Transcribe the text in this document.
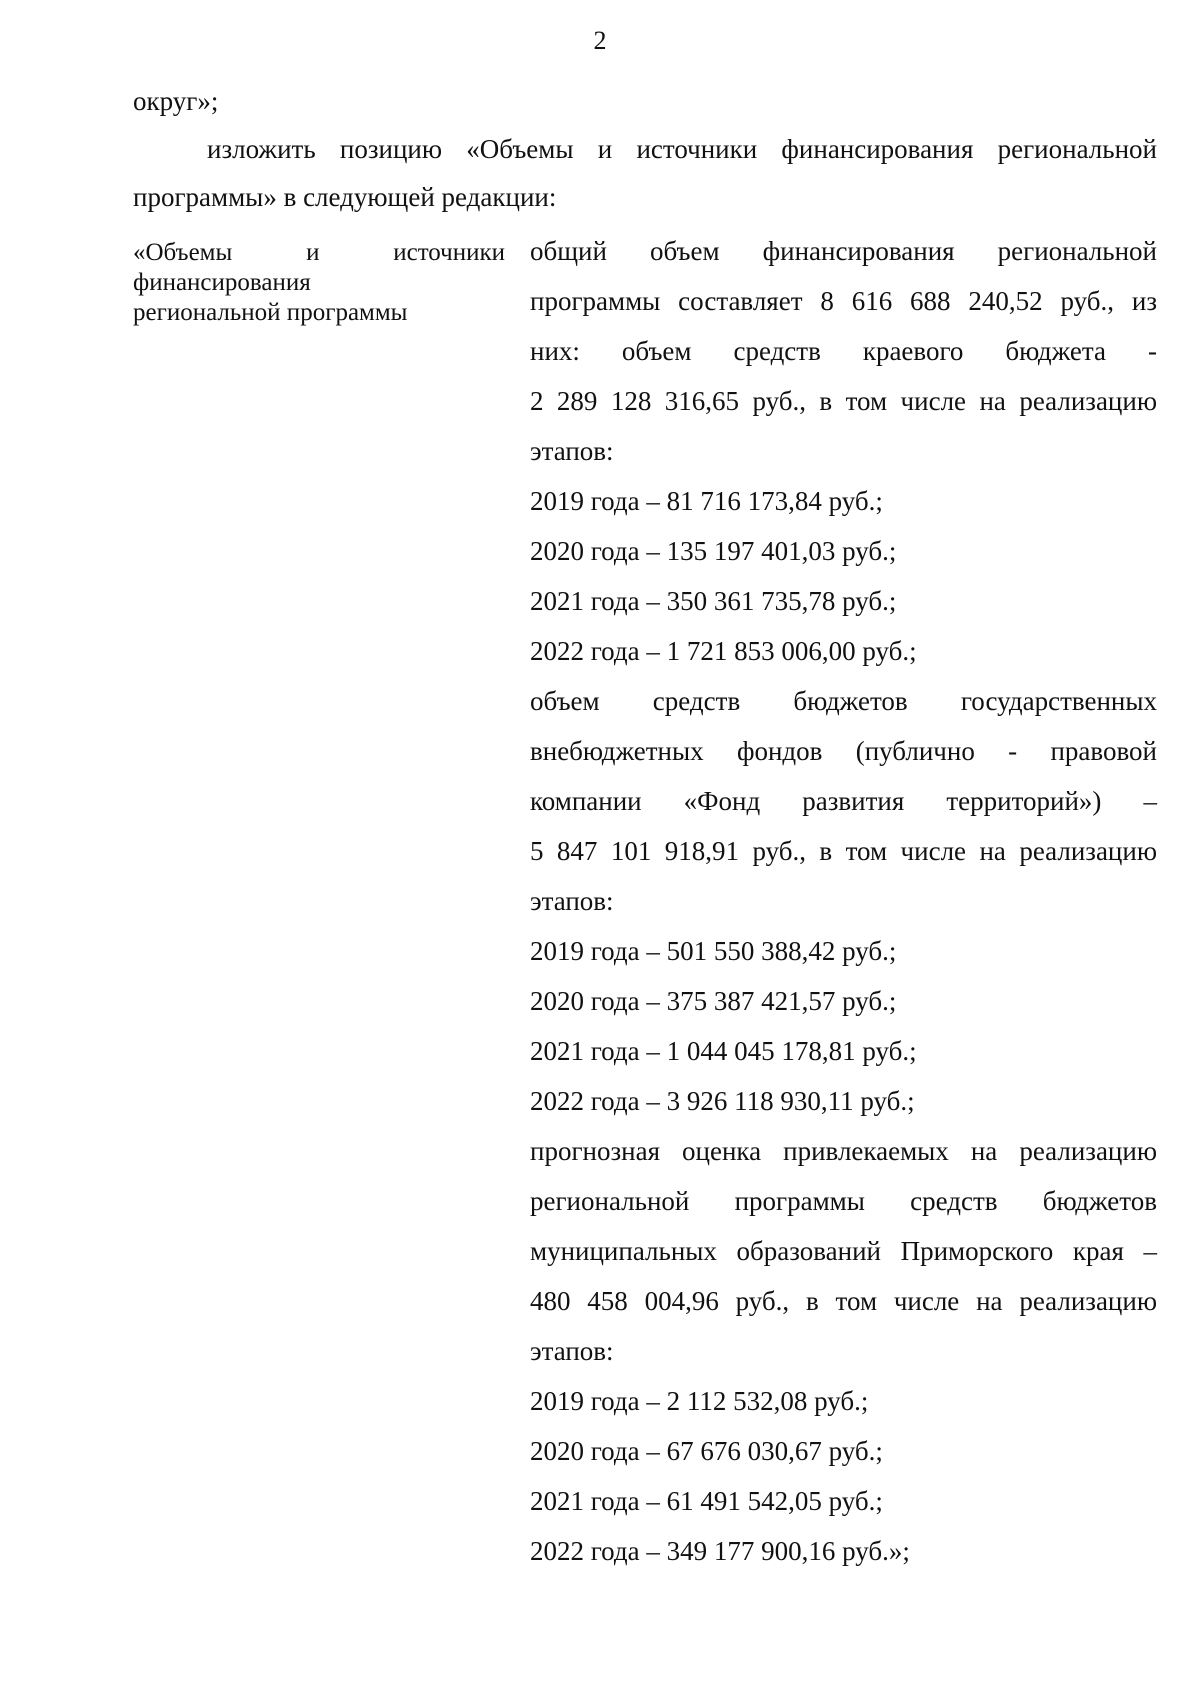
2
округ»;
изложить позицию «Объемы и источники финансирования региональной
программы» в следующей редакции:
«Объемы и источники
финансирования
региональной программы
общий объем финансирования региональной
программы составляет 8 616 688 240,52 руб., из
них: объем средств краевого бюджета -
2 289 128 316,65 руб., в том числе на реализацию
этапов:
2019 года – 81 716 173,84 руб.;
2020 года – 135 197 401,03 руб.;
2021 года – 350 361 735,78 руб.;
2022 года – 1 721 853 006,00 руб.;
объем средств бюджетов государственных
внебюджетных фондов (публично - правовой
компании «Фонд развития территорий») –
5 847 101 918,91 руб., в том числе на реализацию
этапов:
2019 года – 501 550 388,42 руб.;
2020 года – 375 387 421,57 руб.;
2021 года – 1 044 045 178,81 руб.;
2022 года – 3 926 118 930,11 руб.;
прогнозная оценка привлекаемых на реализацию
региональной программы средств бюджетов
муниципальных образований Приморского края –
480 458 004,96 руб., в том числе на реализацию
этапов:
2019 года – 2 112 532,08 руб.;
2020 года – 67 676 030,67 руб.;
2021 года – 61 491 542,05 руб.;
2022 года – 349 177 900,16 руб.»;
